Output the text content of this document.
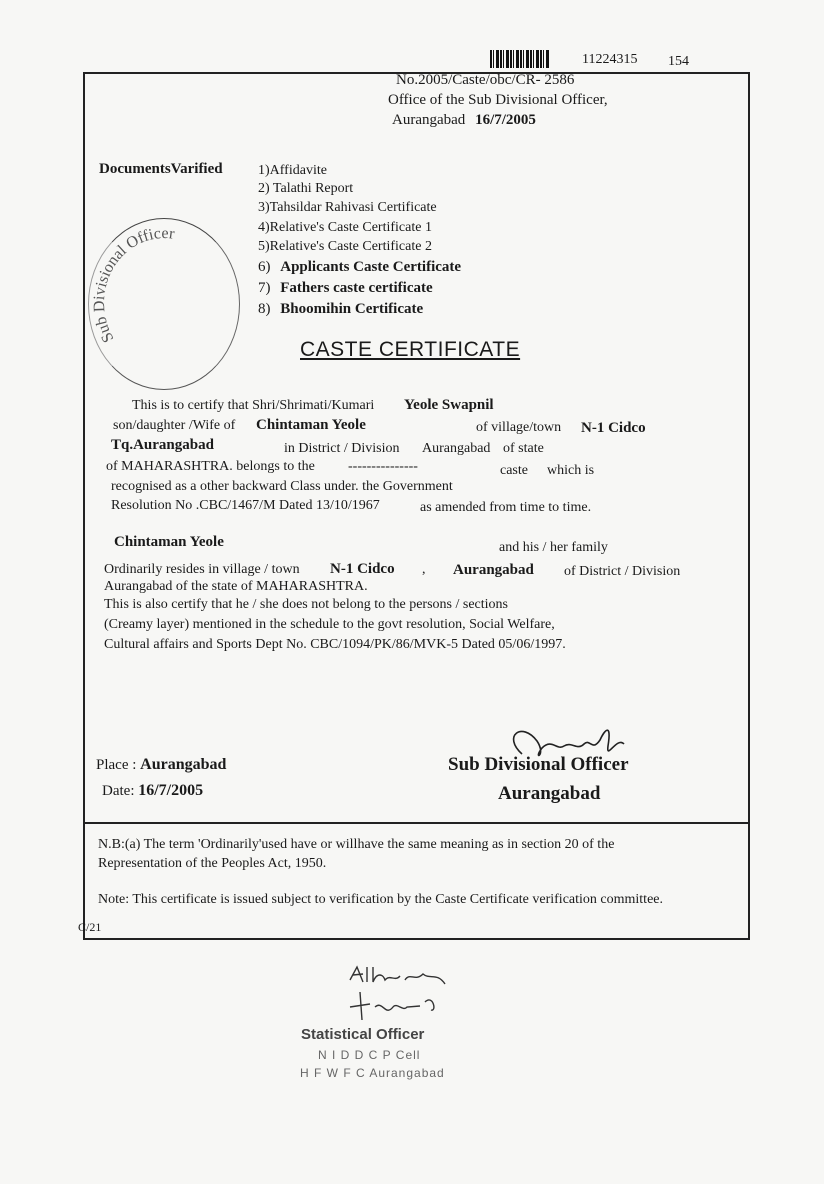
11224315 154
No.2005/Caste/obc/CR- 2586
Office of the Sub Divisional Officer,
Aurangabad 16/7/2005
DocumentsVarified	1)Affidavite
2) Talathi Report
3)Tahsildar Rahivasi Certificate
4)Relative's Caste Certificate 1
5)Relative's Caste Certificate 2
6) Applicants Caste Certificate
7) Fathers caste certificate
8) Bhoomihin Certificate
Sub Divisional Officer
CASTE CERTIFICATE
This is to certify that Shri/Shrimati/Kumari Yeole Swapnil
son/daughter /Wife of Chintaman Yeole	of village/town N-1 Cidco
Tq.Aurangabad	in District / Division Aurangabad of state
of MAHARASHTRA. belongs to the ---------------	caste which is
recognised as a other backward Class under. the Government
Resolution No .CBC/1467/M Dated 13/10/1967	as amended from time to time.
Chintaman Yeole	and his / her family
Ordinarily resides in village / town N-1 Cidco , Aurangabad of District / Division
Aurangabad of the state of MAHARASHTRA.
This is also certify that he / she does not belong to the persons / sections
(Creamy layer) mentioned in the schedule to the govt resolution, Social Welfare,
Cultural affairs and Sports Dept No. CBC/1094/PK/86/MVK-5 Dated 05/06/1997.
Place : Aurangabad
Date: 16/7/2005
Sub Divisional Officer
Aurangabad
N.B:(a) The term 'Ordinarily'used have or willhave the same meaning as in section 20 of the
Representation of the Peoples Act, 1950.
Note: This certificate is issued subject to verification by the Caste Certificate verification committee.
C/21
Statistical Officer
N I D D C P Cell
H F W F C Aurangabad
